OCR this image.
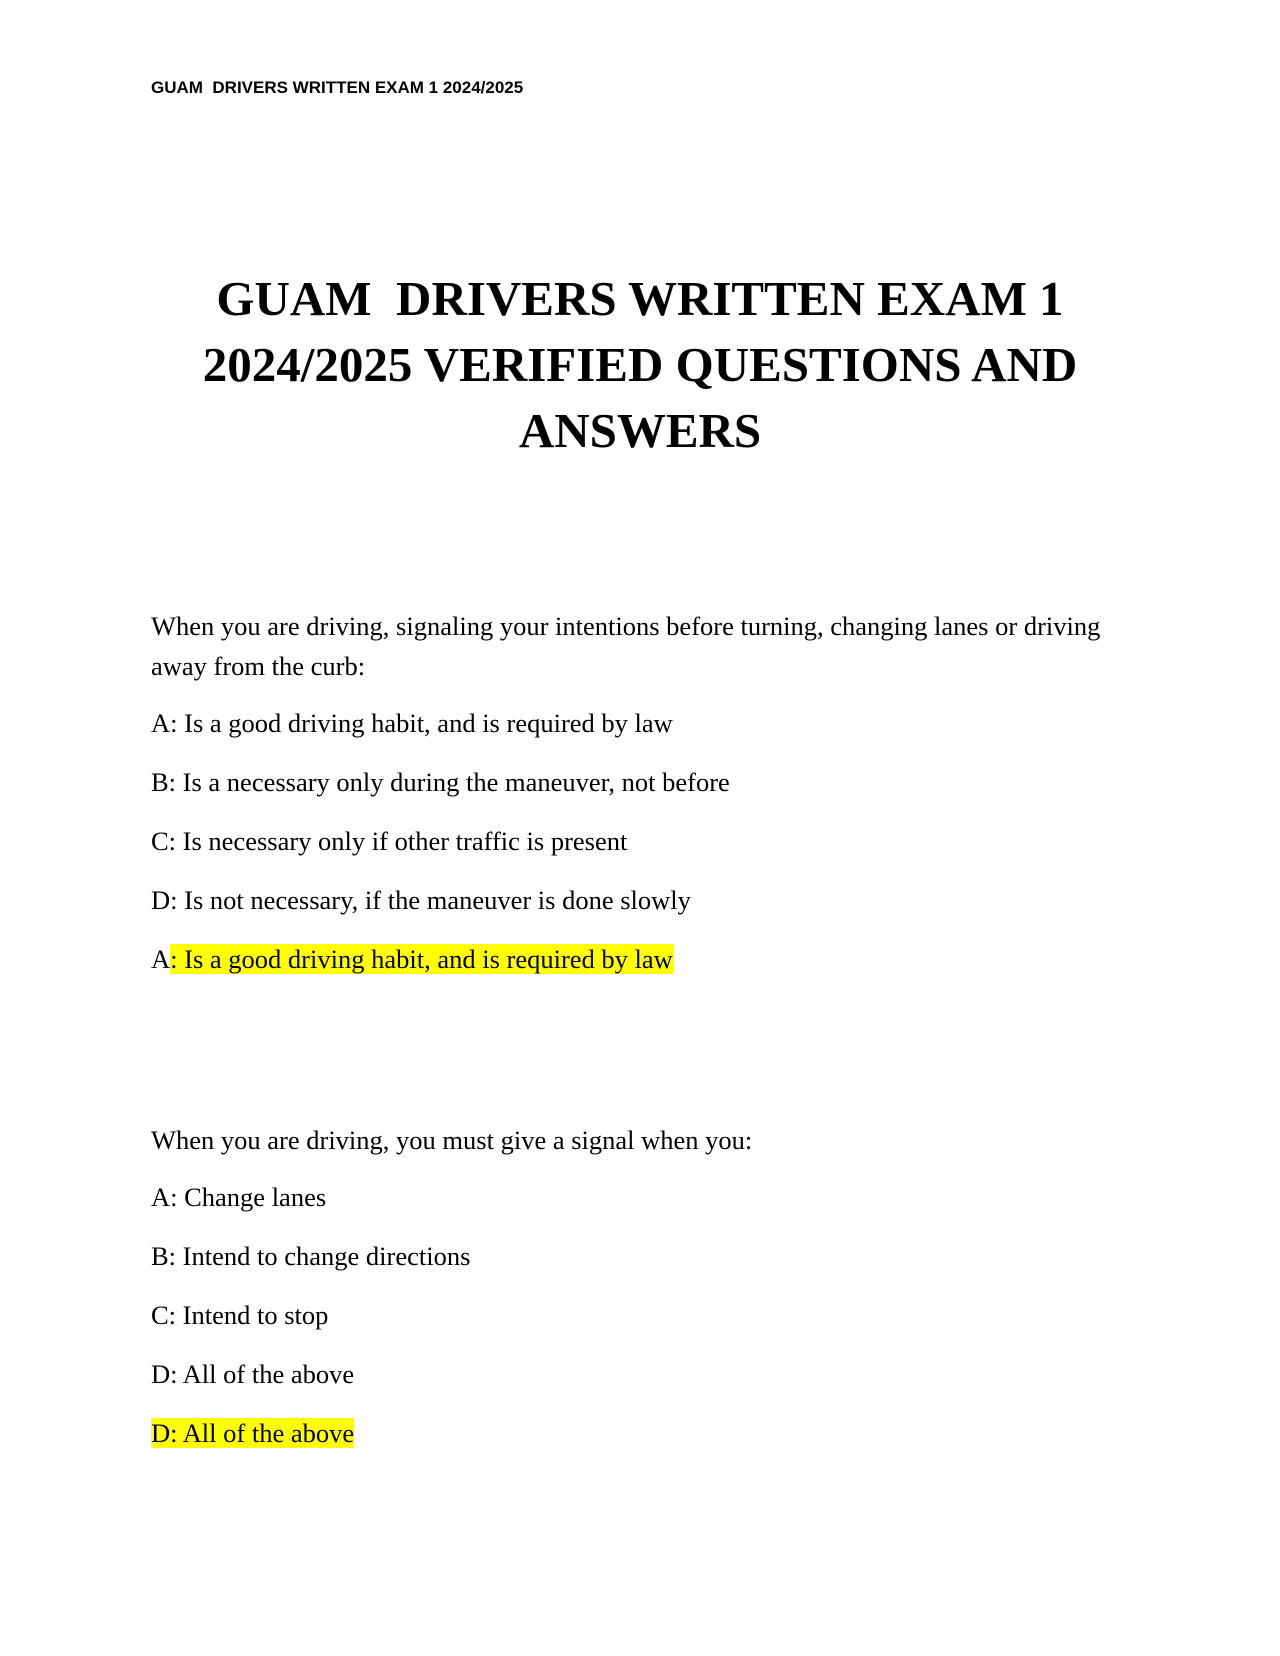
GUAM  DRIVERS WRITTEN EXAM 1 2024/2025
GUAM  DRIVERS WRITTEN EXAM 1
2024/2025 VERIFIED QUESTIONS AND
ANSWERS

When you are driving, signaling your intentions before turning, changing lanes or driving away from the curb:

A: Is a good driving habit, and is required by law

B: Is a necessary only during the maneuver, not before

C: Is necessary only if other traffic is present

D: Is not necessary, if the maneuver is done slowly

A: Is a good driving habit, and is required by law

When you are driving, you must give a signal when you:

A: Change lanes

B: Intend to change directions

C: Intend to stop

D: All of the above

D: All of the above
